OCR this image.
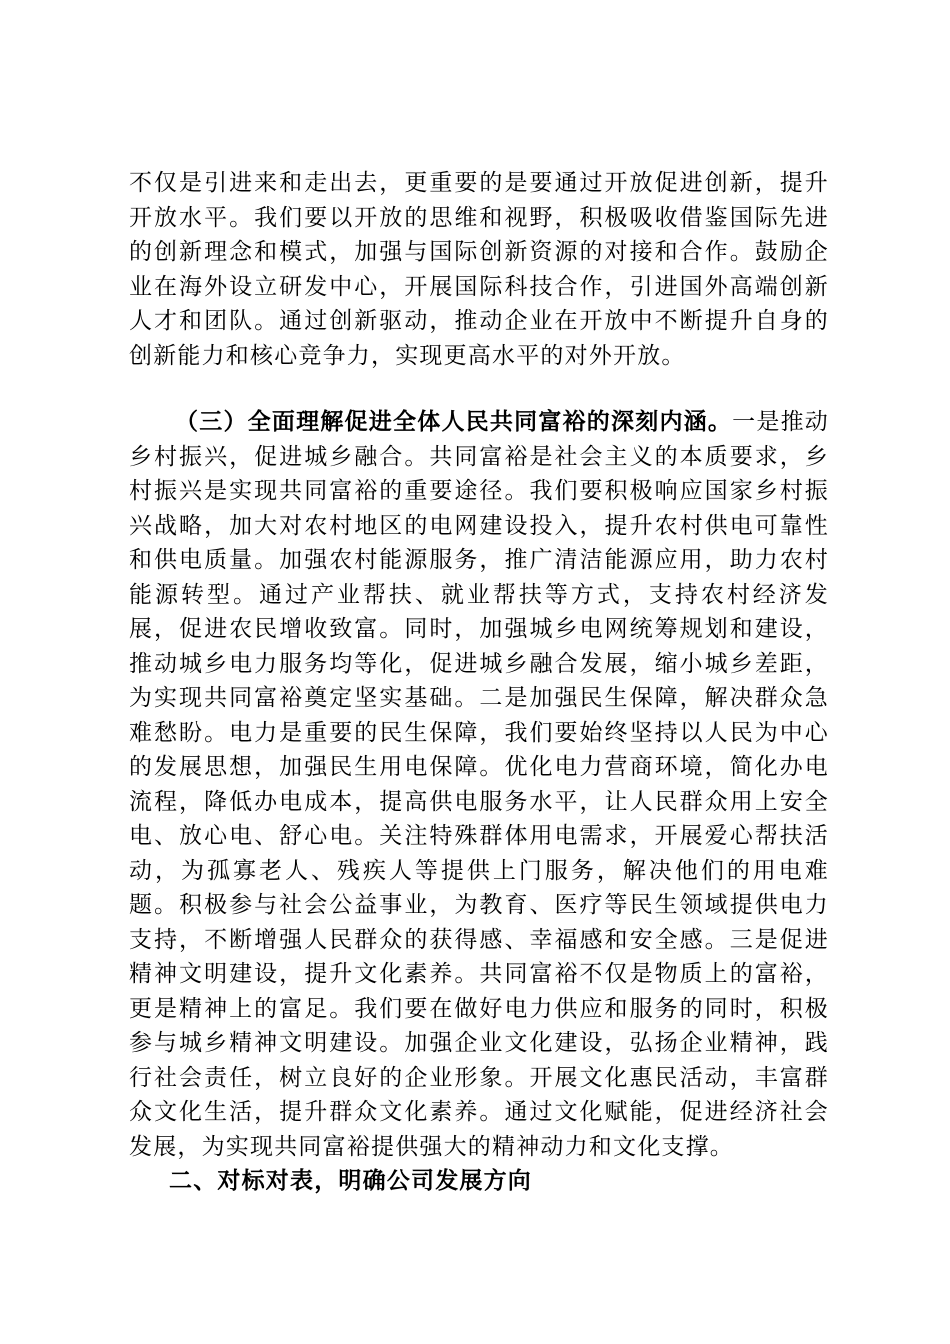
不仅是引进来和走出去，更重要的是要通过开放促进创新，提升开放水平。我们要以开放的思维和视野，积极吸收借鉴国际先进的创新理念和模式，加强与国际创新资源的对接和合作。鼓励企业在海外设立研发中心，开展国际科技合作，引进国外高端创新人才和团队。通过创新驱动，推动企业在开放中不断提升自身的创新能力和核心竞争力，实现更高水平的对外开放。

（三）全面理解促进全体人民共同富裕的深刻内涵。一是推动乡村振兴，促进城乡融合。共同富裕是社会主义的本质要求，乡村振兴是实现共同富裕的重要途径。我们要积极响应国家乡村振兴战略，加大对农村地区的电网建设投入，提升农村供电可靠性和供电质量。加强农村能源服务，推广清洁能源应用，助力农村能源转型。通过产业帮扶、就业帮扶等方式，支持农村经济发展，促进农民增收致富。同时，加强城乡电网统筹规划和建设，推动城乡电力服务均等化，促进城乡融合发展，缩小城乡差距，为实现共同富裕奠定坚实基础。二是加强民生保障，解决群众急难愁盼。电力是重要的民生保障，我们要始终坚持以人民为中心的发展思想，加强民生用电保障。优化电力营商环境，简化办电流程，降低办电成本，提高供电服务水平，让人民群众用上安全电、放心电、舒心电。关注特殊群体用电需求，开展爱心帮扶活动，为孤寡老人、残疾人等提供上门服务，解决他们的用电难题。积极参与社会公益事业，为教育、医疗等民生领域提供电力支持，不断增强人民群众的获得感、幸福感和安全感。三是促进精神文明建设，提升文化素养。共同富裕不仅是物质上的富裕，更是精神上的富足。我们要在做好电力供应和服务的同时，积极参与城乡精神文明建设。加强企业文化建设，弘扬企业精神，践行社会责任，树立良好的企业形象。开展文化惠民活动，丰富群众文化生活，提升群众文化素养。通过文化赋能，促进经济社会发展，为实现共同富裕提供强大的精神动力和文化支撑。

二、对标对表，明确公司发展方向
